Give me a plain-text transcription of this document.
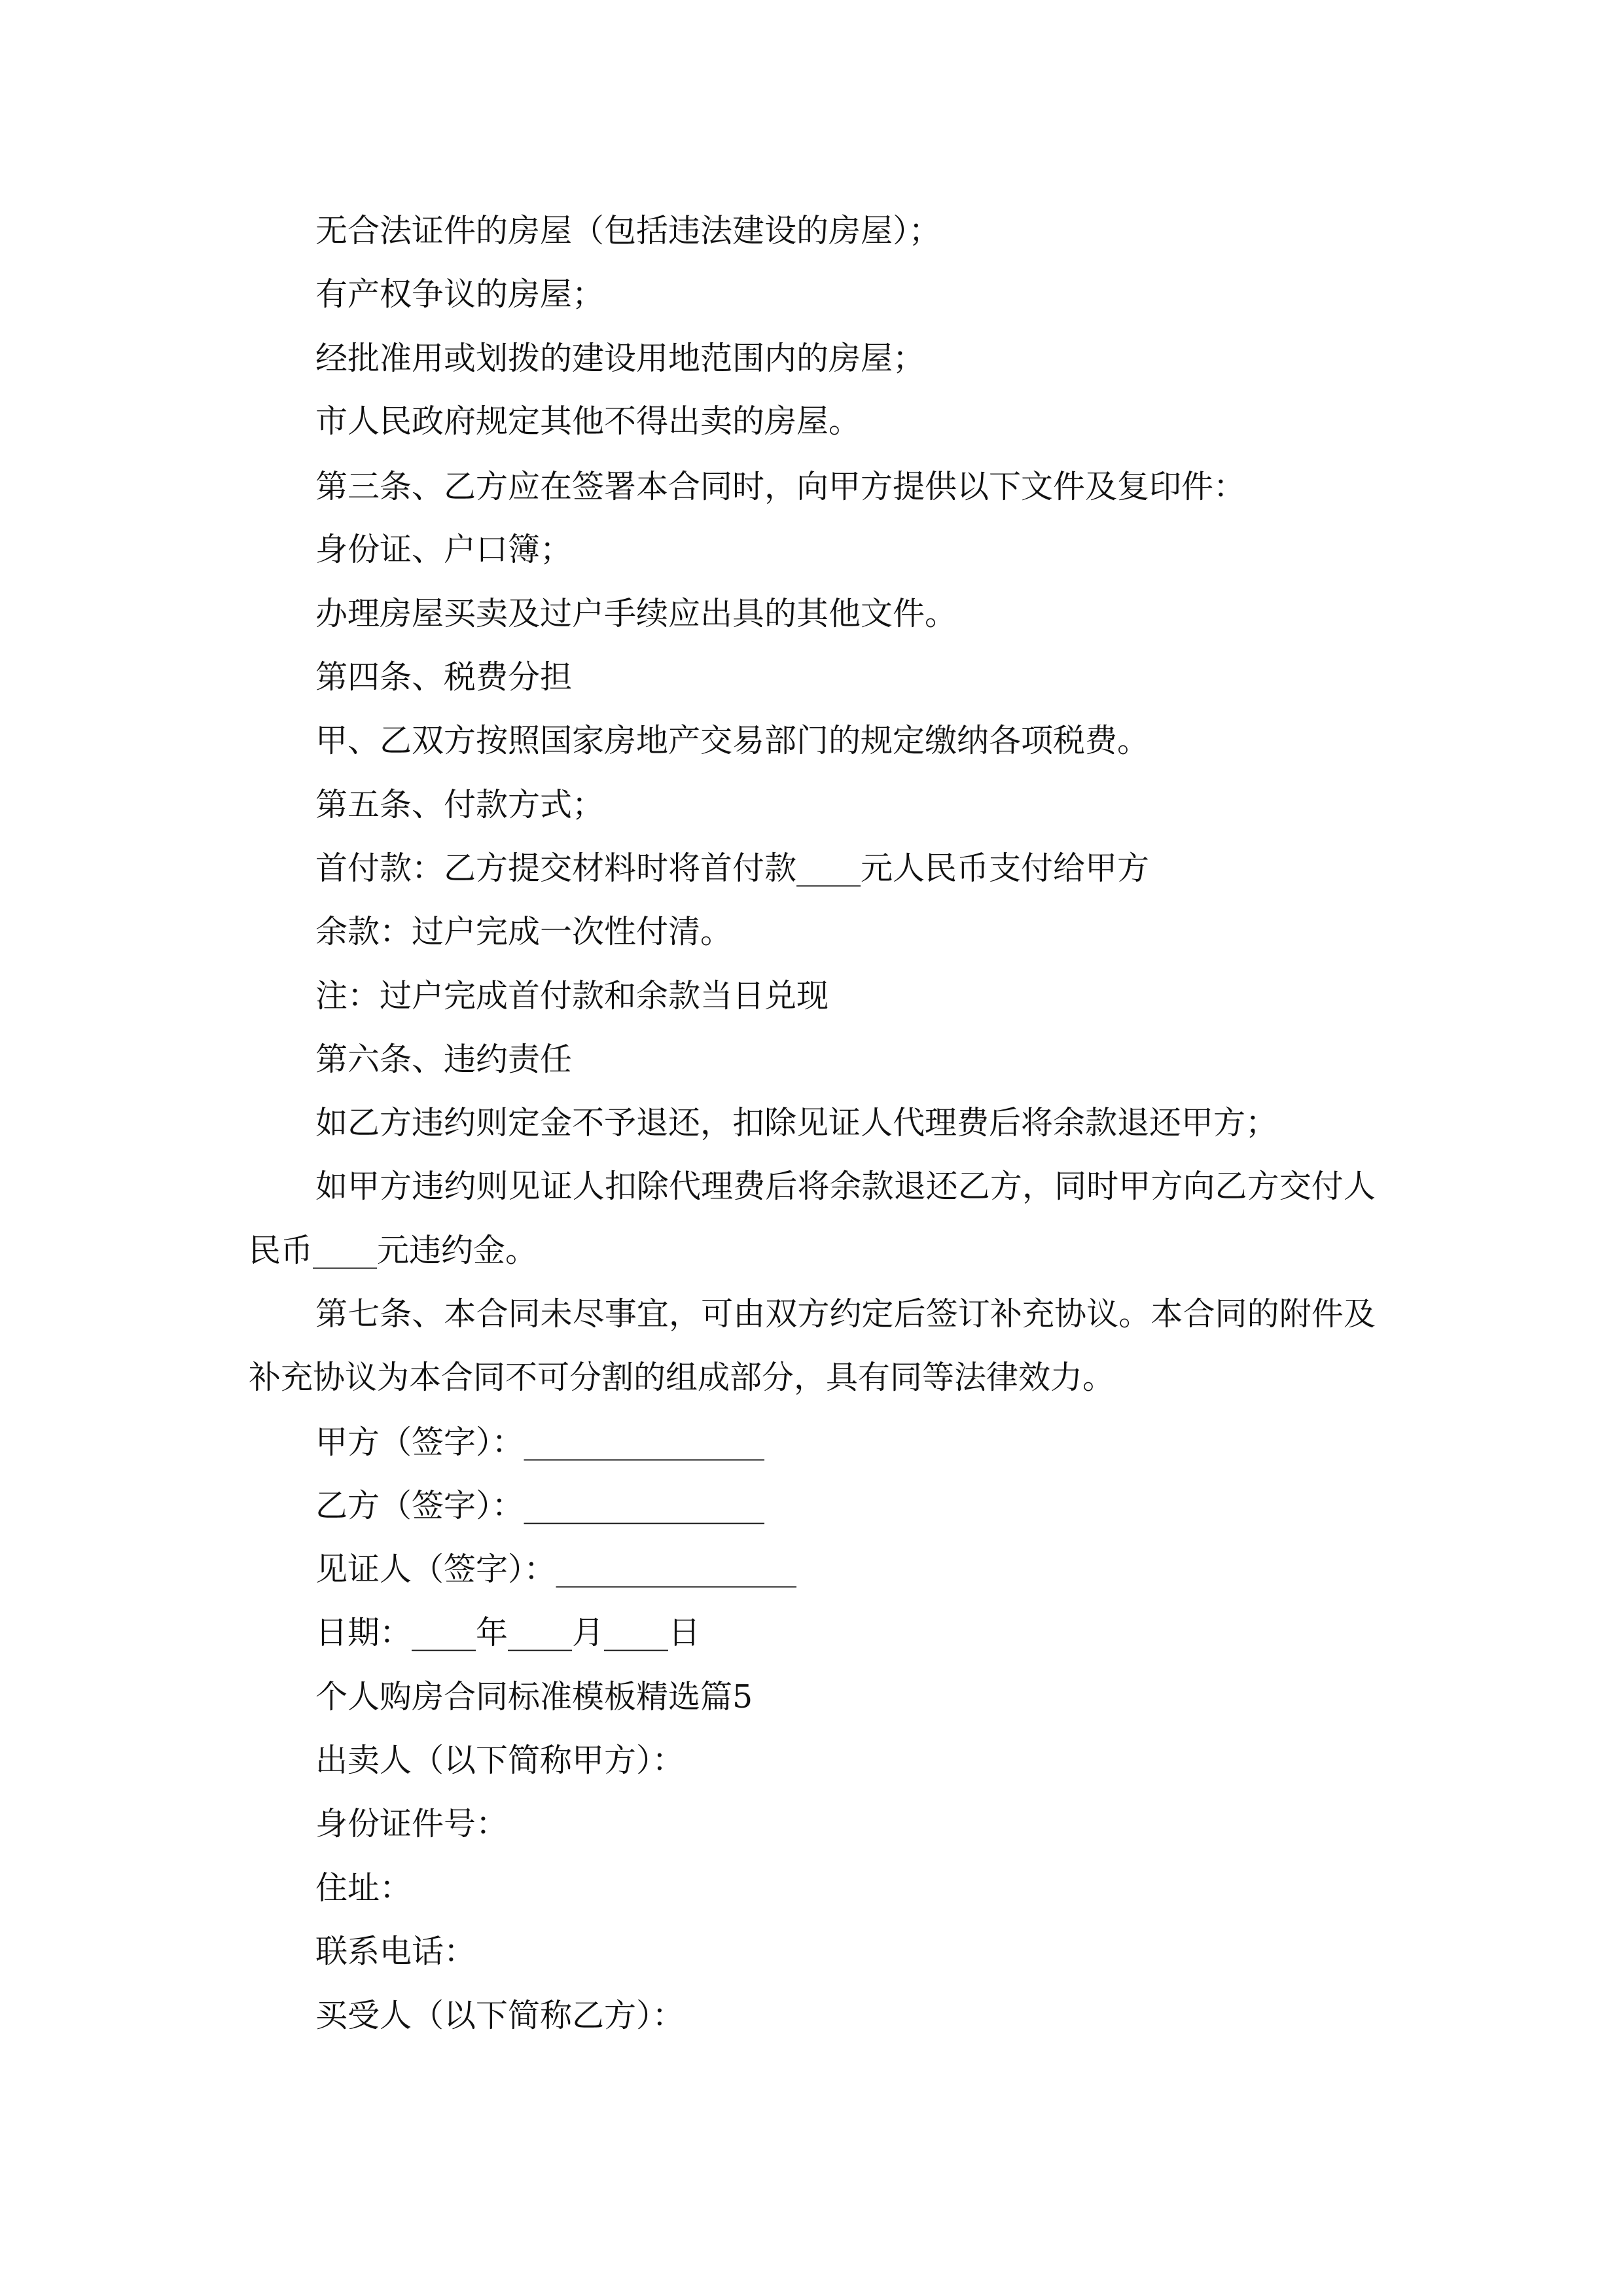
无合法证件的房屋（包括违法建设的房屋）；
有产权争议的房屋；
经批准用或划拨的建设用地范围内的房屋；
市人民政府规定其他不得出卖的房屋。
第三条、乙方应在签署本合同时，向甲方提供以下文件及复印件：
身份证、户口簿；
办理房屋买卖及过户手续应出具的其他文件。
第四条、税费分担
甲、乙双方按照国家房地产交易部门的规定缴纳各项税费。
第五条、付款方式；
首付款：乙方提交材料时将首付款____元人民币支付给甲方
余款：过户完成一次性付清。
注：过户完成首付款和余款当日兑现
第六条、违约责任
如乙方违约则定金不予退还，扣除见证人代理费后将余款退还甲方；
如甲方违约则见证人扣除代理费后将余款退还乙方，同时甲方向乙方交付人
民币____元违约金。
第七条、本合同未尽事宜，可由双方约定后签订补充协议。本合同的附件及
补充协议为本合同不可分割的组成部分，具有同等法律效力。
甲方（签字）：_______________
乙方（签字）：_______________
见证人（签字）：_______________
日期：____年____月____日
个人购房合同标准模板精选篇5
出卖人（以下简称甲方）：
身份证件号：
住址：
联系电话：
买受人（以下简称乙方）：
